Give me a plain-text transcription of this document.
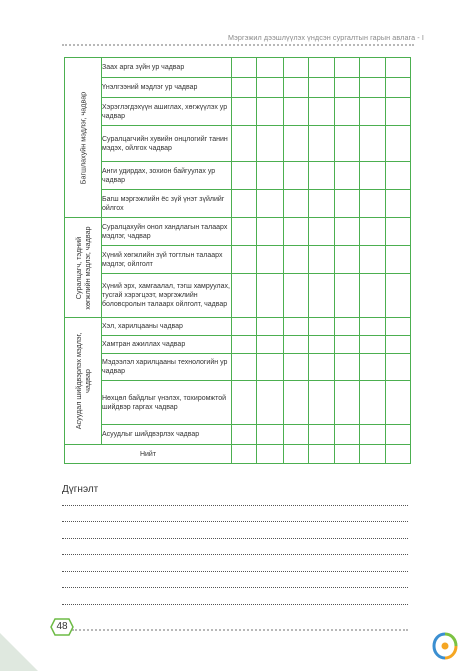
Мэргэжил дээшлүүлэх үндсэн сургалтын гарын авлага - I
Багшлахуйн мэдлэг, чадвар	Заах арга зүйн ур чадвар							
	Үнэлгээний мэдлэг ур чадвар							
	Хэрэглэгдэхүүн ашиглах, хөгжүүлэх ур чадвар							
	Суралцагчийн хувийн онцлогийг танин мэдэх, ойлгох чадвар							
	Анги удирдах, зохион байгуулах ур чадвар							
	Багш мэргэжлийн ёс зүй үнэт зүйлийг ойлгох							

Суралцагч, тэдний хөгжлийн мэдлэг, чадвар	Суралцахуйн онол хандлагын талаарх мэдлэг, чадвар							
	Хүний хөгжлийн зүй тогтлын талаарх мэдлэг, ойлголт							
	Хүний эрх, хамгаалал, тэгш хамруулах, тусгай хэрэгцээт, мэргэжлийн боловсролын талаарх ойлголт, чадвар							

Асуудал шийдвэрлэх мэдлэг, чадвар	Хэл, харилцааны чадвар							
	Хамтран ажиллах чадвар							
	Мэдээлэл харилцааны технологийн ур чадвар							
	Нөхцөл байдлыг үнэлэх, тохиромжтой шийдвэр гаргах чадвар							
	Асуудлыг шийдвэрлэх чадвар							
Нийт								
Дүгнэлт
48
